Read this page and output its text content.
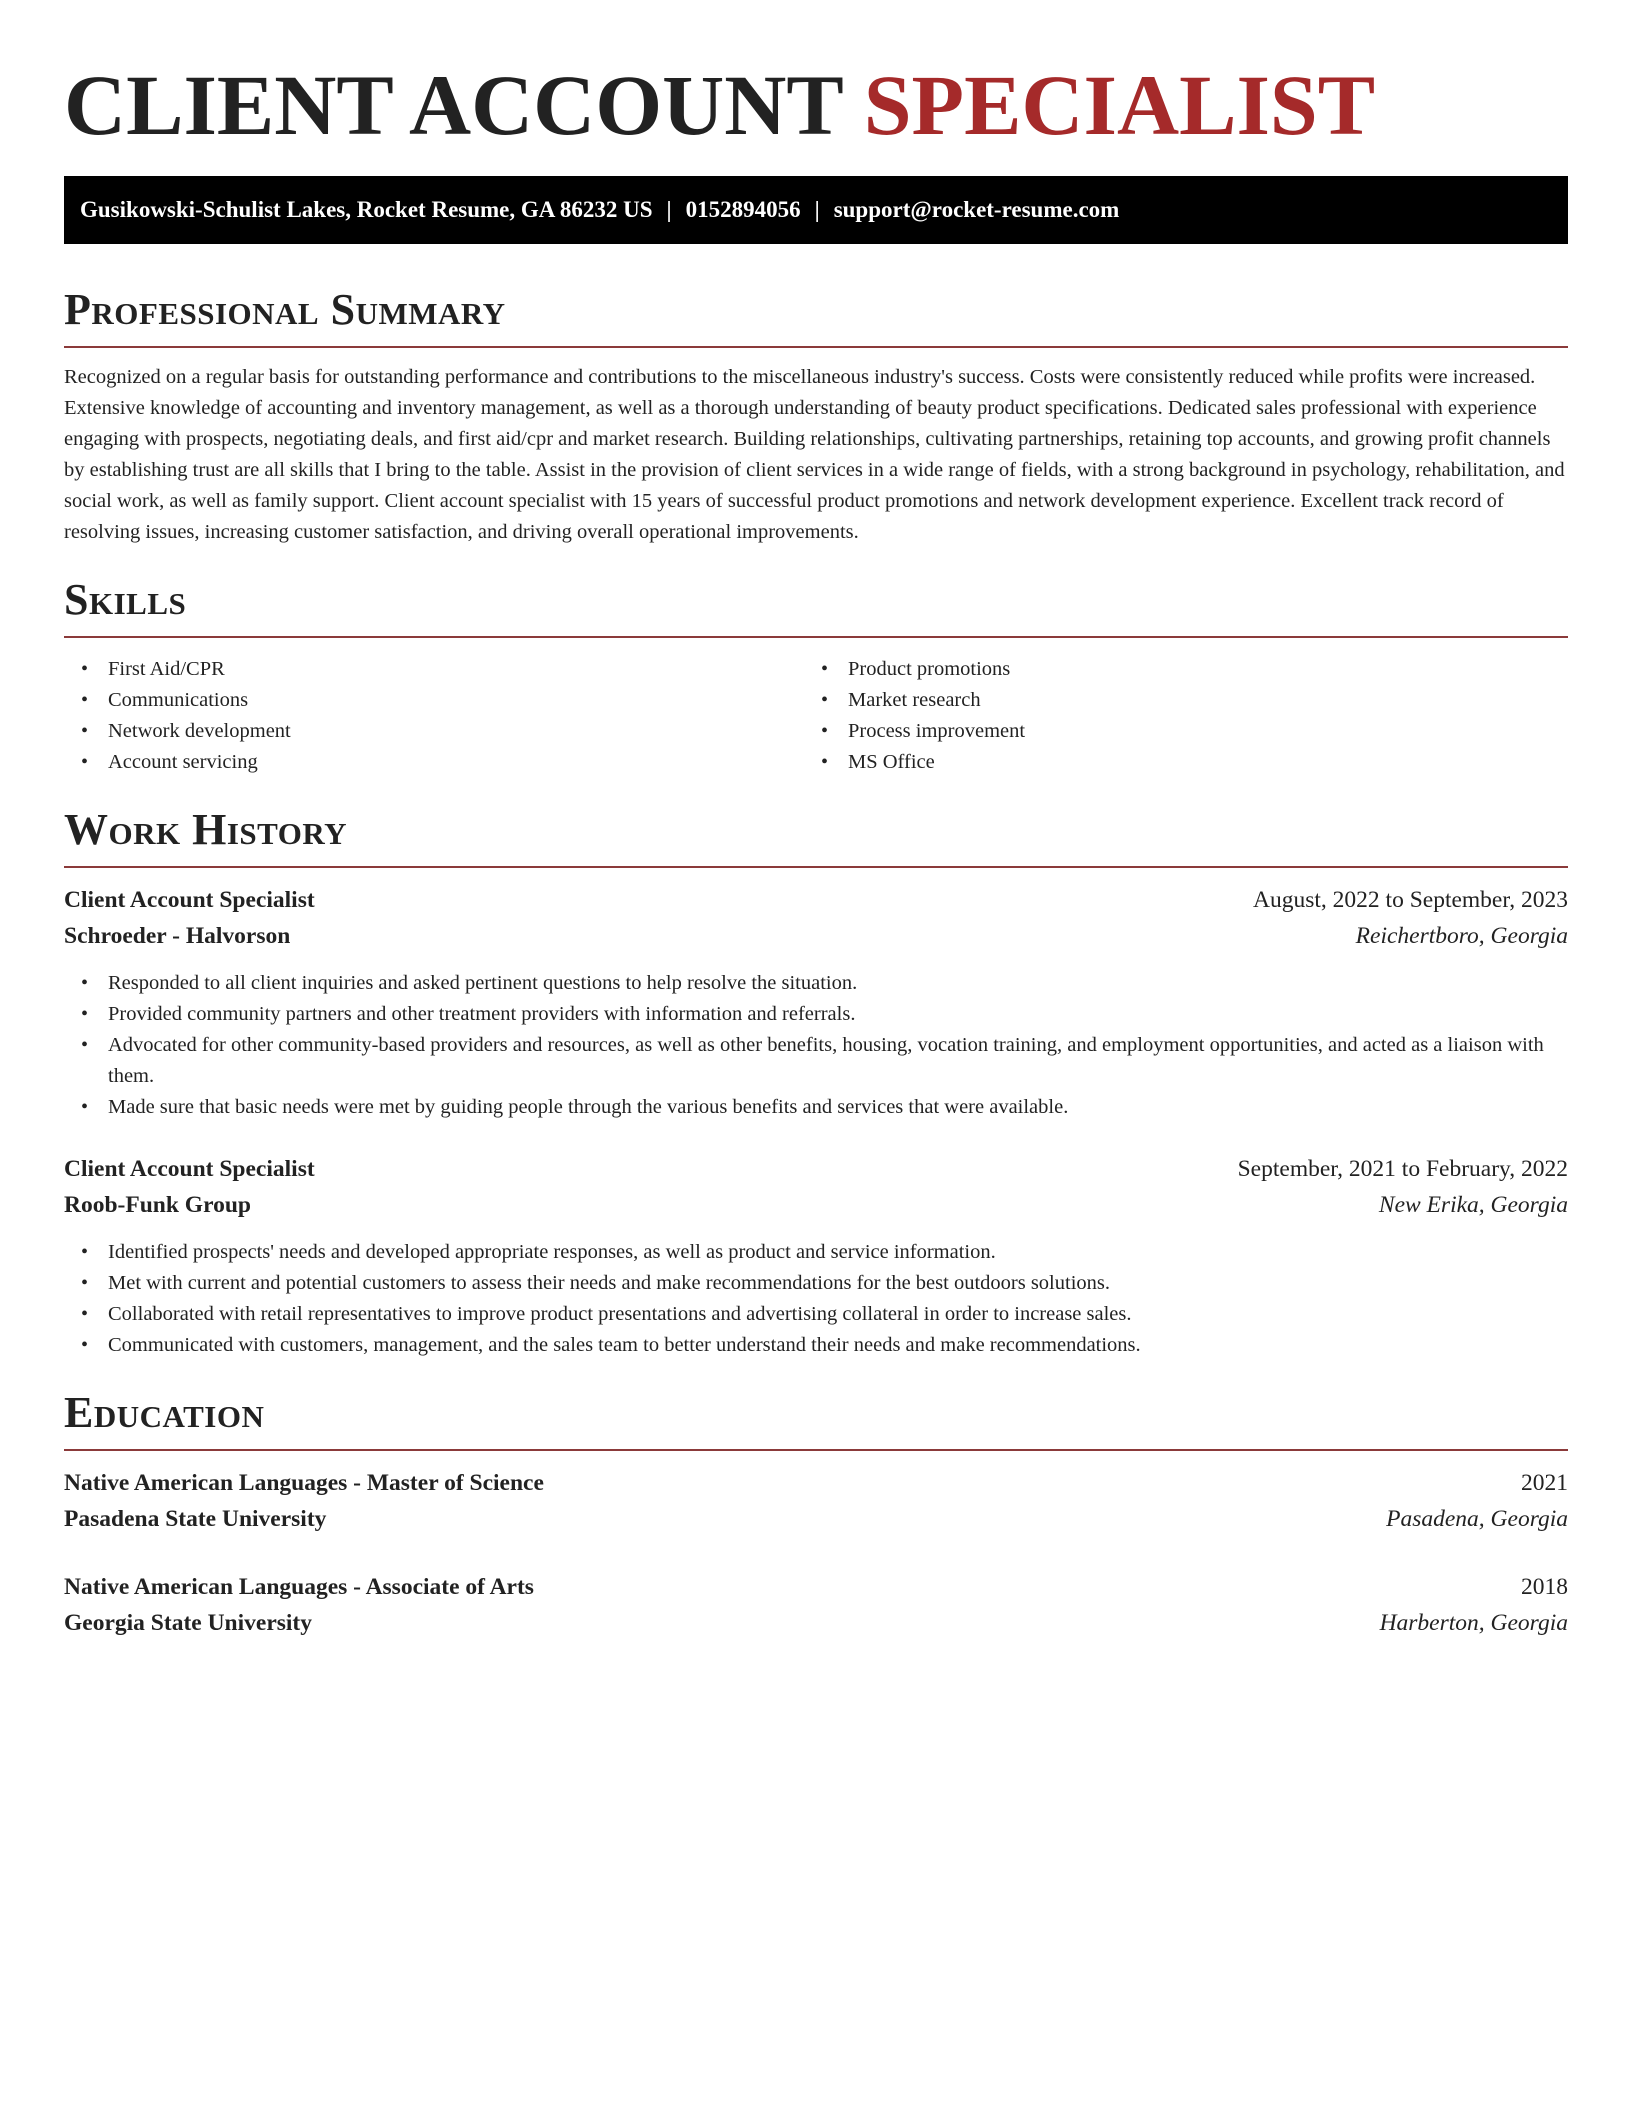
CLIENT ACCOUNT SPECIALIST
Gusikowski-Schulist Lakes, Rocket Resume, GA 86232 US | 0152894056 | support@rocket-resume.com
Professional Summary

Recognized on a regular basis for outstanding performance and contributions to the miscellaneous industry's success. Costs were consistently reduced while profits were increased. Extensive knowledge of accounting and inventory management, as well as a thorough understanding of beauty product specifications. Dedicated sales professional with experience engaging with prospects, negotiating deals, and first aid/cpr and market research. Building relationships, cultivating partnerships, retaining top accounts, and growing profit channels by establishing trust are all skills that I bring to the table. Assist in the provision of client services in a wide range of fields, with a strong background in psychology, rehabilitation, and social work, as well as family support. Client account specialist with 15 years of successful product promotions and network development experience. Excellent track record of resolving issues, increasing customer satisfaction, and driving overall operational improvements.

Skills
• First Aid/CPR
• Communications
• Network development
• Account servicing
• Product promotions
• Market research
• Process improvement
• MS Office
Work History
Client Account Specialist	August, 2022 to September, 2023
Schroeder - Halvorson	Reichertboro, Georgia
• Responded to all client inquiries and asked pertinent questions to help resolve the situation.
• Provided community partners and other treatment providers with information and referrals.
• Advocated for other community-based providers and resources, as well as other benefits, housing, vocation training, and employment opportunities, and acted as a liaison with them.
• Made sure that basic needs were met by guiding people through the various benefits and services that were available.
Client Account Specialist	September, 2021 to February, 2022
Roob-Funk Group	New Erika, Georgia
• Identified prospects' needs and developed appropriate responses, as well as product and service information.
• Met with current and potential customers to assess their needs and make recommendations for the best outdoors solutions.
• Collaborated with retail representatives to improve product presentations and advertising collateral in order to increase sales.
• Communicated with customers, management, and the sales team to better understand their needs and make recommendations.
Education
Native American Languages - Master of Science	2021
Pasadena State University	Pasadena, Georgia
Native American Languages - Associate of Arts	2018
Georgia State University	Harberton, Georgia
